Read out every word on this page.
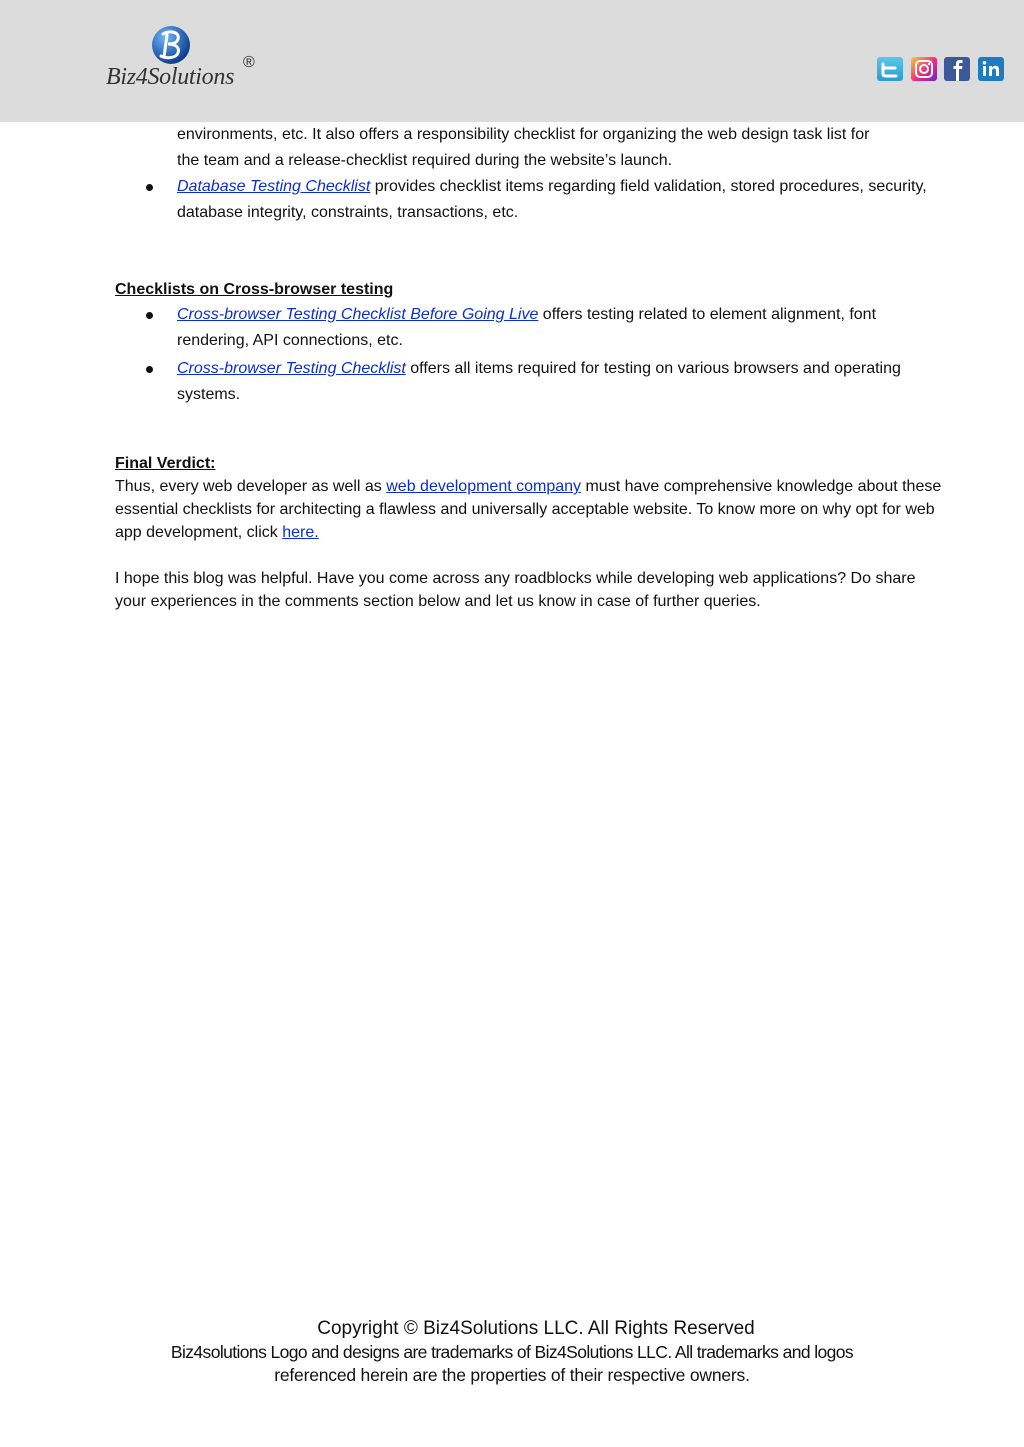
Biz4Solutions
®
environments, etc. It also offers a responsibility checklist for organizing the web design task list for
the team and a release-checklist required during the website’s launch.
Database Testing Checklist provides checklist items regarding field validation, stored procedures, security, database integrity, constraints, transactions, etc.
Checklists on Cross-browser testing
Cross-browser Testing Checklist Before Going Live offers testing related to element alignment, font rendering, API connections, etc.
Cross-browser Testing Checklist offers all items required for testing on various browsers and operating systems.
Final Verdict:
Thus, every web developer as well as web development company must have comprehensive knowledge about these essential checklists for architecting a flawless and universally acceptable website. To know more on why opt for web app development, click here.
I hope this blog was helpful. Have you come across any roadblocks while developing web applications? Do share your experiences in the comments section below and let us know in case of further queries.
Copyright © Biz4Solutions LLC. All Rights Reserved
Biz4solutions Logo and designs are trademarks of Biz4Solutions LLC. All trademarks and logos
referenced herein are the properties of their respective owners.
